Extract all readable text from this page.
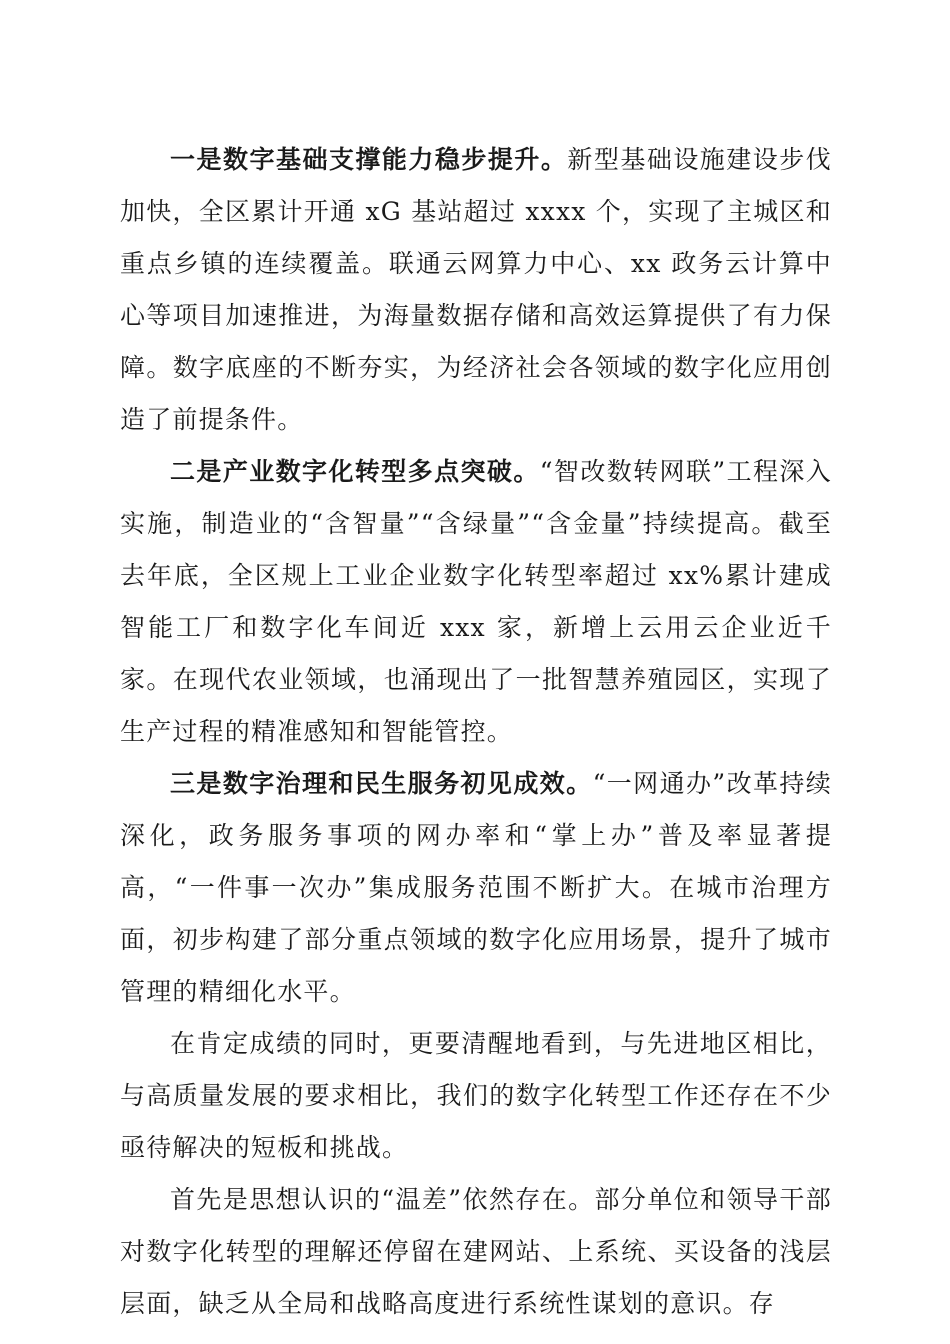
一是数字基础支撑能力稳步提升。新型基础设施建设步伐加快，全区累计开通 xG 基站超过 xxxx 个，实现了主城区和重点乡镇的连续覆盖。联通云网算力中心、xx 政务云计算中心等项目加速推进，为海量数据存储和高效运算提供了有力保障。数字底座的不断夯实，为经济社会各领域的数字化应用创造了前提条件。

二是产业数字化转型多点突破。“智改数转网联”工程深入实施，制造业的“含智量”“含绿量”“含金量”持续提高。截至去年底，全区规上工业企业数字化转型率超过 xx%累计建成智能工厂和数字化车间近 xxx 家，新增上云用云企业近千家。在现代农业领域，也涌现出了一批智慧养殖园区，实现了生产过程的精准感知和智能管控。

三是数字治理和民生服务初见成效。“一网通办”改革持续深化，政务服务事项的网办率和“掌上办”普及率显著提高，“一件事一次办”集成服务范围不断扩大。在城市治理方面，初步构建了部分重点领域的数字化应用场景，提升了城市管理的精细化水平。

在肯定成绩的同时，更要清醒地看到，与先进地区相比，与高质量发展的要求相比，我们的数字化转型工作还存在不少亟待解决的短板和挑战。

首先是思想认识的“温差”依然存在。部分单位和领导干部对数字化转型的理解还停留在建网站、上系统、买设备的浅层层面，缺乏从全局和战略高度进行系统性谋划的意识。存
